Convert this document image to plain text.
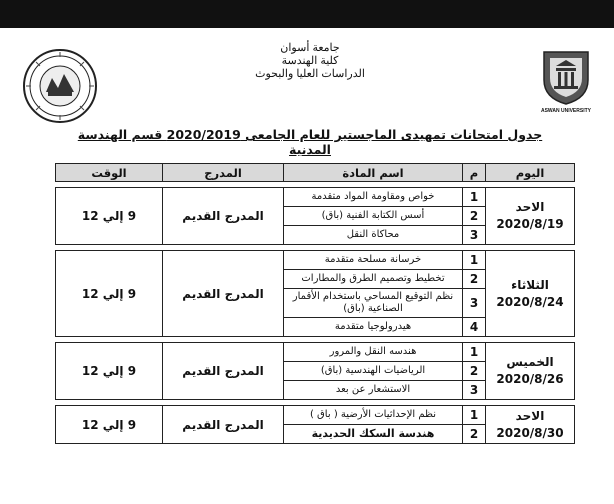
ASWAN UNIVERSITY
جامعة أسوان
كلية الهندسة
الدراسات العليا والبحوث
جدول امتحانات تمهيدى الماجستير للعام الجامعى 2020/2019 قسم الهندسة المدنية
اليوم	م	اسم المادة	المدرج	الوقت

الاحد
2020/8/19	1	خواص ومقاومة المواد متقدمة	المدرج القديم	9 إلي 12
	2	أسس الكتابة الفنية (باق)		
	3	محاكاة النقل		

الثلاثاء
2020/8/24	1	خرسانة مسلحة متقدمة	المدرج القديم	9 إلي 12
	2	تخطيط وتصميم الطرق والمطارات		
	3	نظم التوقيع المساحي باستخدام الأقمار الصناعية (باق)		
	4	هيدرولوجيا متقدمة		

الخميس
2020/8/26	1	هندسه النقل والمرور	المدرج القديم	9 إلي 12
	2	الرياضيات الهندسية (باق)		
	3	الاستشعار عن بعد		

الاحد
2020/8/30	1	نظم الإحداثيات الأرضية ( باق )	المدرج القديم	9 إلي 12
	2	هندسة السكك الحديدية		
